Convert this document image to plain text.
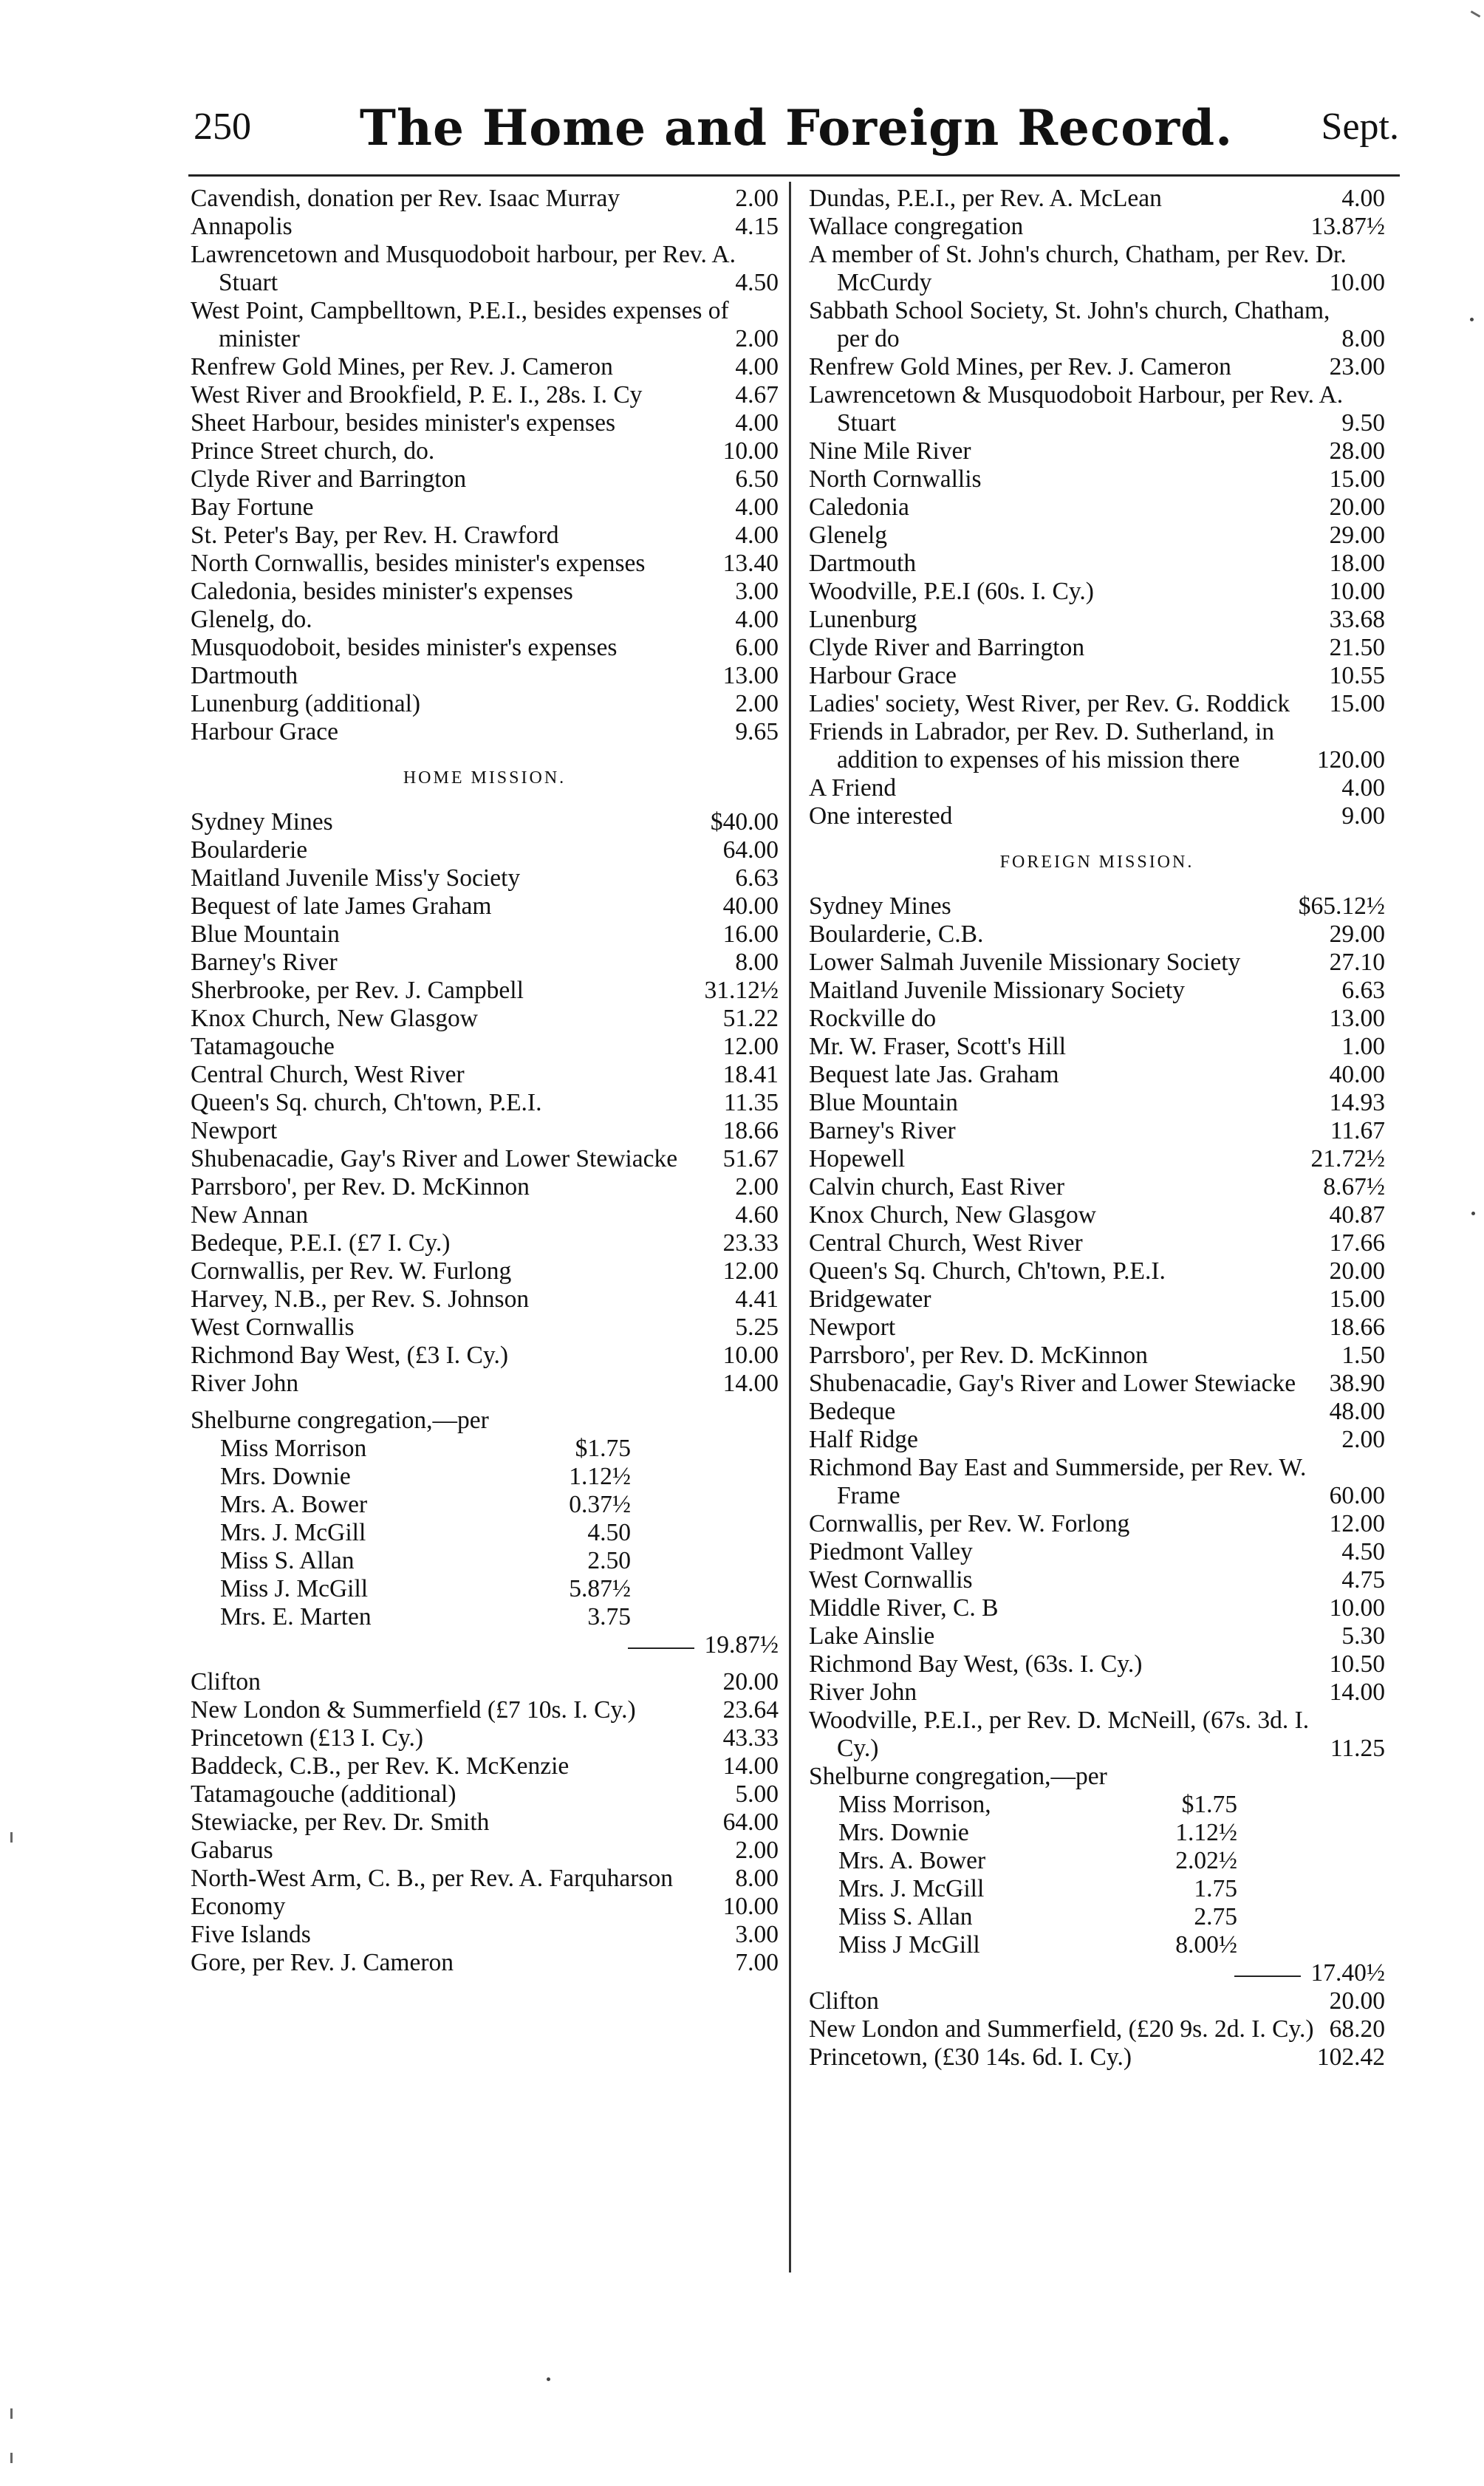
250	The Home and Foreign Record.	Sept.
Cavendish, donation per Rev. Isaac Murray	2.00
Annapolis	4.15
Lawrencetown and Musquodoboit harbour, per Rev. A. Stuart	4.50
West Point, Campbelltown, P.E.I., besides expenses of minister	2.00
Renfrew Gold Mines, per Rev. J. Cameron	4.00
West River and Brookfield, P. E. I., 28s. I. Cy	4.67
Sheet Harbour, besides minister's expenses	4.00
Prince Street church, do.	10.00
Clyde River and Barrington	6.50
Bay Fortune	4.00
St. Peter's Bay, per Rev. H. Crawford	4.00
North Cornwallis, besides minister's expenses	13.40
Caledonia, besides minister's expenses	3.00
Glenelg, do.	4.00
Musquodoboit, besides minister's expenses	6.00
Dartmouth	13.00
Lunenburg (additional)	2.00
Harbour Grace	9.65
HOME MISSION.
Sydney Mines	$40.00
Boularderie	64.00
Maitland Juvenile Miss'y Society	6.63
Bequest of late James Graham	40.00
Blue Mountain	16.00
Barney's River	8.00
Sherbrooke, per Rev. J. Campbell	31.12½
Knox Church, New Glasgow	51.22
Tatamagouche	12.00
Central Church, West River	18.41
Queen's Sq. church, Ch'town, P.E.I.	11.35
Newport	18.66
Shubenacadie, Gay's River and Lower Stewiacke	51.67
Parrsboro', per Rev. D. McKinnon	2.00
New Annan	4.60
Bedeque, P.E.I. (£7 I. Cy.)	23.33
Cornwallis, per Rev. W. Furlong	12.00
Harvey, N.B., per Rev. S. Johnson	4.41
West Cornwallis	5.25
Richmond Bay West, (£3 I. Cy.)	10.00
River John	14.00
Shelburne congregation,—per
Miss Morrison	$1.75
Mrs. Downie	1.12½
Mrs. A. Bower	0.37½
Mrs. J. McGill	4.50
Miss S. Allan	2.50
Miss J. McGill	5.87½
Mrs. E. Marten	3.75
19.87½
Clifton	20.00
New London & Summerfield (£7 10s. I. Cy.)	23.64
Princetown (£13 I. Cy.)	43.33
Baddeck, C.B., per Rev. K. McKenzie	14.00
Tatamagouche (additional)	5.00
Stewiacke, per Rev. Dr. Smith	64.00
Gabarus	2.00
North-West Arm, C. B., per Rev. A. Farquharson	8.00
Economy	10.00
Five Islands	3.00
Gore, per Rev. J. Cameron	7.00
Dundas, P.E.I., per Rev. A. McLean	4.00
Wallace congregation	13.87½
A member of St. John's church, Chatham, per Rev. Dr. McCurdy	10.00
Sabbath School Society, St. John's church, Chatham, per do	8.00
Renfrew Gold Mines, per Rev. J. Cameron	23.00
Lawrencetown & Musquodoboit Harbour, per Rev. A. Stuart	9.50
Nine Mile River	28.00
North Cornwallis	15.00
Caledonia	20.00
Glenelg	29.00
Dartmouth	18.00
Woodville, P.E.I (60s. I. Cy.)	10.00
Lunenburg	33.68
Clyde River and Barrington	21.50
Harbour Grace	10.55
Ladies' society, West River, per Rev. G. Roddick	15.00
Friends in Labrador, per Rev. D. Sutherland, in addition to expenses of his mission there	120.00
A Friend	4.00
One interested	9.00
FOREIGN MISSION.
Sydney Mines	$65.12½
Boularderie, C.B.	29.00
Lower Salmah Juvenile Missionary Society	27.10
Maitland Juvenile Missionary Society	6.63
Rockville do	13.00
Mr. W. Fraser, Scott's Hill	1.00
Bequest late Jas. Graham	40.00
Blue Mountain	14.93
Barney's River	11.67
Hopewell	21.72½
Calvin church, East River	8.67½
Knox Church, New Glasgow	40.87
Central Church, West River	17.66
Queen's Sq. Church, Ch'town, P.E.I.	20.00
Bridgewater	15.00
Newport	18.66
Parrsboro', per Rev. D. McKinnon	1.50
Shubenacadie, Gay's River and Lower Stewiacke	38.90
Bedeque	48.00
Half Ridge	2.00
Richmond Bay East and Summerside, per Rev. W. Frame	60.00
Cornwallis, per Rev. W. Forlong	12.00
Piedmont Valley	4.50
West Cornwallis	4.75
Middle River, C. B	10.00
Lake Ainslie	5.30
Richmond Bay West, (63s. I. Cy.)	10.50
River John	14.00
Woodville, P.E.I., per Rev. D. McNeill, (67s. 3d. I. Cy.)	11.25
Shelburne congregation,—per
Miss Morrison,	$1.75
Mrs. Downie	1.12½
Mrs. A. Bower	2.02½
Mrs. J. McGill	1.75
Miss S. Allan	2.75
Miss J McGill	8.00½
17.40½
Clifton	20.00
New London and Summerfield, (£20 9s. 2d. I. Cy.) 68.20
Princetown, (£30 14s. 6d. I. Cy.)	102.42
